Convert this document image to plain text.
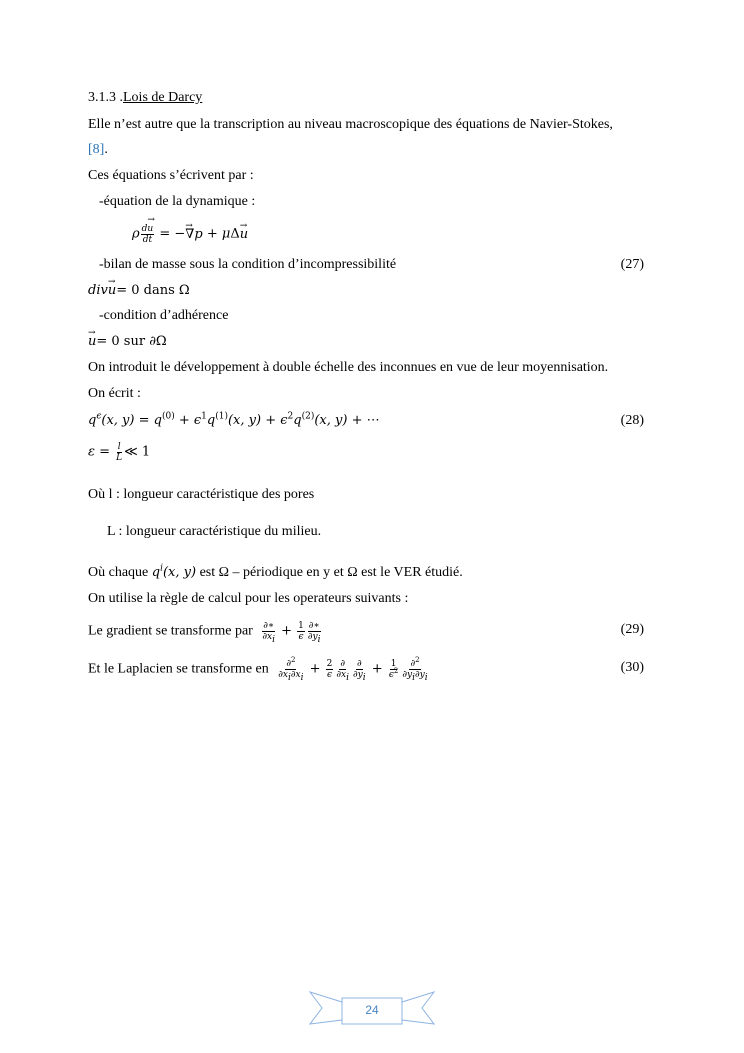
3.1.3 .Lois de Darcy
Elle n’est autre que la transcription au niveau macroscopique des équations de Navier-Stokes,
[8].
Ces équations s’écrivent par :
-équation de la dynamique :
ρ $\frac{d\to u}{dt}$ = −→ ∇p + μΔ→ u
-bilan de masse sous la condition d’incompressibilité	(27)
div→ u= 0 dans Ω
-condition d’adhérence
→ u= 0 sur ∂Ω
On introduit le développement à double échelle des inconnues en vue de leur moyennisation.
On écrit :
$q^\epsilon(x$, $y) = q^{(0)} + \epsilon^1q^{(1)}(x$, $y) + \epsilon^2q^{(2)}(x$, y) + ⋯	(28)
$\varepsilon = \frac{l}{L}$ ≪ 1
Où l : longueur caractéristique des pores
L : longueur caractéristique du milieu.
Où chaque $q^i(x$, y) est Ω – périodique en y et Ω est le VER étudié.
On utilise la règle de calcul pour les operateurs suivants :
Le gradient se transforme par $\frac{\partial∗}{\partial x_i} + \frac{1}{\epsilon} \frac{\partial∗}{\partial y_i}$	(29)
Et le Laplacien se transforme en $\frac{\partial^2}{\partial x_i\partial x_i} + \frac{2}{\epsilon} \frac{\partial}{\partial x_i} \frac{\partial}{\partial y_i} + \frac{1}{\epsilon^2} \frac{\partial^2}{\partial y_i\partial y_i}$	(30)
24
